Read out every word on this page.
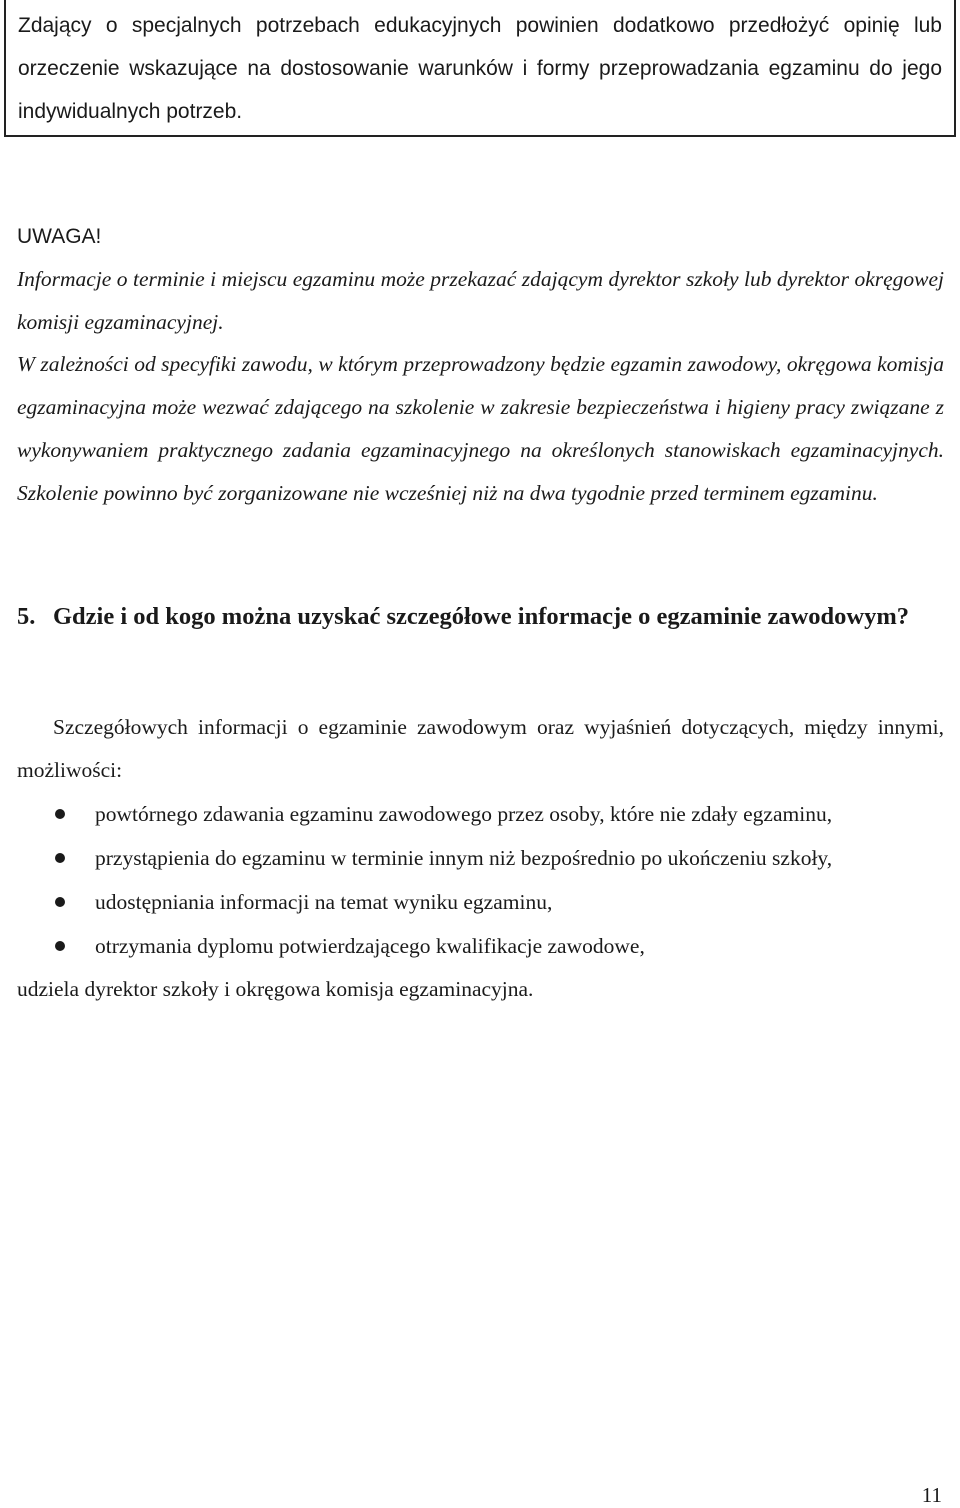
Zdający o specjalnych potrzebach edukacyjnych powinien dodatkowo przedłożyć opinię lub orzeczenie wskazujące na dostosowanie warunków i formy przeprowadzania egzaminu do jego indywidualnych potrzeb.

UWAGA!

Informacje o terminie i miejscu egzaminu może przekazać zdającym dyrektor szkoły lub dyrektor okręgowej komisji egzaminacyjnej.

W zależności od specyfiki zawodu, w którym przeprowadzony będzie egzamin zawodowy, okręgowa komisja egzaminacyjna może wezwać zdającego na szkolenie w zakresie bezpieczeństwa i higieny pracy związane z wykonywaniem praktycznego zadania egzaminacyjnego na określonych stanowiskach egzaminacyjnych. Szkolenie powinno być zorganizowane nie wcześniej niż na dwa tygodnie przed terminem egzaminu.

5. Gdzie i od kogo można uzyskać szczegółowe informacje o egzaminie zawodowym?

Szczegółowych informacji o egzaminie zawodowym oraz wyjaśnień dotyczących, między innymi, możliwości:

powtórnego zdawania egzaminu zawodowego przez osoby, które nie zdały egzaminu,
przystąpienia do egzaminu w terminie innym niż bezpośrednio po ukończeniu szkoły,
udostępniania informacji na temat wyniku egzaminu,
otrzymania dyplomu potwierdzającego kwalifikacje zawodowe,

udziela dyrektor szkoły i okręgowa komisja egzaminacyjna.

11
